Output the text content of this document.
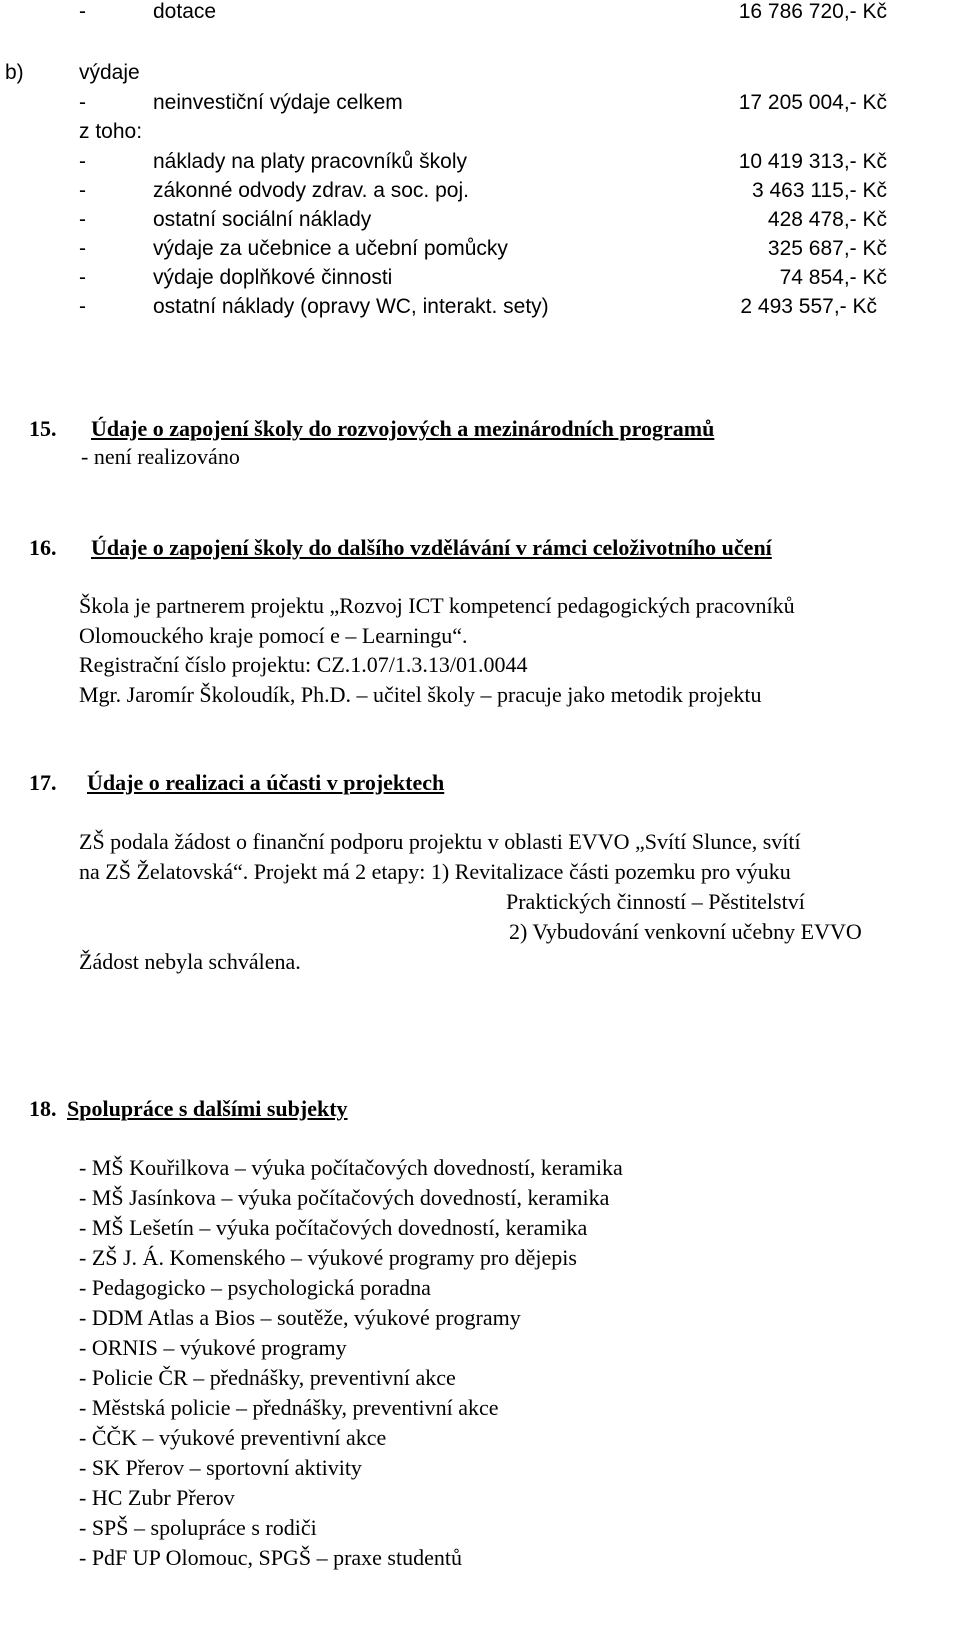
-	dotace	16 786 720,- Kč
b)	výdaje
-	neinvestiční výdaje celkem	17 205 004,- Kč
z toho:
-	náklady na platy pracovníků školy	10 419 313,- Kč
-	zákonné odvody zdrav. a soc. poj.	3 463 115,- Kč
-	ostatní sociální náklady	428 478,- Kč
-	výdaje za učebnice a učební pomůcky	325 687,- Kč
-	výdaje doplňkové činnosti	74 854,- Kč
-	ostatní náklady (opravy WC, interakt. sety)	2 493 557,- Kč
15. Údaje o zapojení školy do rozvojových a mezinárodních programů
- není realizováno
16. Údaje o zapojení školy do dalšího vzdělávání v rámci celoživotního učení
Škola je partnerem projektu „Rozvoj ICT kompetencí pedagogických pracovníků
Olomouckého kraje pomocí e – Learningu“.
Registrační číslo projektu: CZ.1.07/1.3.13/01.0044
Mgr. Jaromír Školoudík, Ph.D. – učitel školy – pracuje jako metodik projektu
17. Údaje o realizaci a účasti v projektech
ZŠ podala žádost o finanční podporu projektu v oblasti EVVO „Svítí Slunce, svítí
na ZŠ Želatovská“. Projekt má 2 etapy: 1) Revitalizace části pozemku pro výuku
Praktických činností – Pěstitelství
2) Vybudování venkovní učebny EVVO
Žádost nebyla schválena.
18. Spolupráce s dalšími subjekty
- MŠ Kouřilkova – výuka počítačových dovedností, keramika
- MŠ Jasínkova – výuka počítačových dovedností, keramika
- MŠ Lešetín – výuka počítačových dovedností, keramika
- ZŠ J. Á. Komenského – výukové programy pro dějepis
- Pedagogicko – psychologická poradna
- DDM Atlas a Bios – soutěže, výukové programy
- ORNIS – výukové programy
- Policie ČR – přednášky, preventivní akce
- Městská policie – přednášky, preventivní akce
- ČČK – výukové preventivní akce
- SK Přerov – sportovní aktivity
- HC Zubr Přerov
- SPŠ – spolupráce s rodiči
- PdF UP Olomouc, SPGŠ – praxe studentů
